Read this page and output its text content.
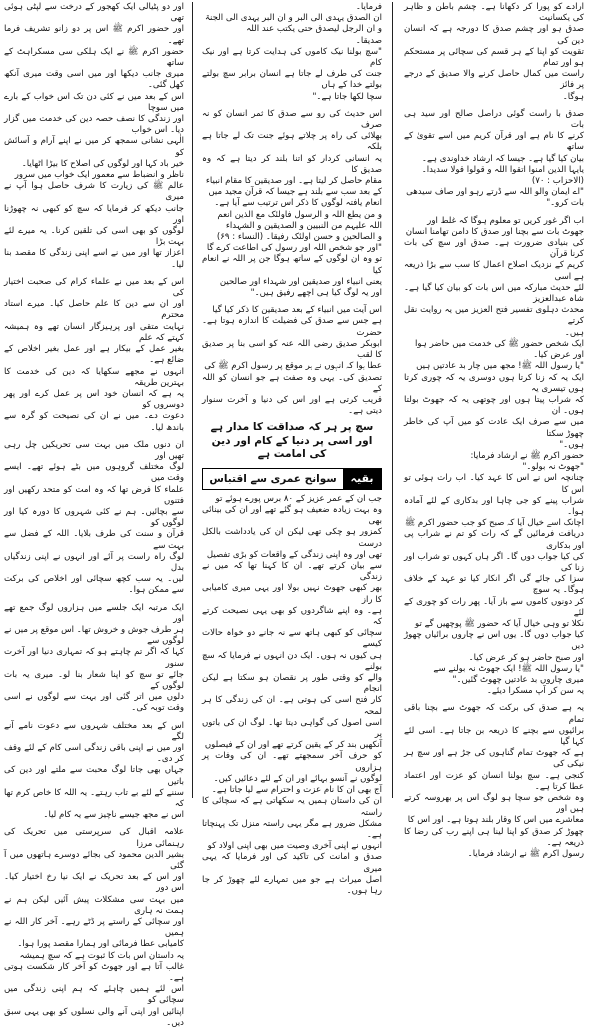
ارادے کو پورا کر دکھانا ہے۔ چشم باطن و ظاہر کی یکسانیت
صدق ہو اور چشم صدق کا دورجہ ہے کہ انسان دین کی
تقویت کو اپنا کے ہر قسم کی سچائی پر مستحکم ہو اور تمام
راست میں کمال حاصل کرنے والا صدیق کے درجے پر فائز
ہوگا۔
صدق با راست گوئی دراصل صالح اور سید ہی بات
کرنے کا نام ہے اور قرآن کریم میں اسے تقویٰ کے ساتھ
بیان کیا گیا ہے۔ جیسا کہ ارشاد خداوندی ہے۔
یایہا الذین امنوا اتقوا اللہ و قولوا قولا سدیدا۔
(الاحزاب : ۷۰)
"اے ایمان والو اللہ سے ڈرتے رہو اور صاف سیدھی
بات کرو۔"
اب اگر غور کریں تو معلوم ہوگا کہ غلط اور
جھوٹ بات سے بچنا اور صدق کا دامن تھامنا انسان
کی بنیادی ضرورت ہے۔ صدق اور سچ کی بات کرنا قرآن
کریم کے نزدیک اصلاح اعمال کا سب سے بڑا ذریعہ ہے اسی
لئے حدیث مبارکہ میں اس بات کو بیان کیا گیا ہے۔ شاہ عبدالعزیز
محدث دہلوی تفسیر فتح العزیز میں یہ روایت نقل کرتے
ہیں۔
ایک شخص حضور ﷺ کی خدمت میں حاضر ہوا
اور عرض کیا۔
"یا رسول اللہ ﷺ! مجھ میں چار بد عادتیں ہیں
ایک یہ کہ زنا کرتا ہوں دوسری یہ کہ چوری کرتا ہوں تیسری یہ
کہ شراب پیتا ہوں اور چوتھی یہ کہ جھوٹ بولتا ہوں۔ ان
میں سے صرف ایک عادت کو میں آپ کی خاطر چھوڑ سکتا
ہوں۔"
حضور اکرم ﷺ نے ارشاد فرمایا:
"جھوٹ نہ بولو۔"
چنانچہ اس نے اس کا عہد کیا۔ اب رات ہوئی تو اس کا
شراب پینے کو جی چاہا اور بدکاری کے لئے آمادہ ہوا۔
اچانک اسے خیال آیا کہ صبح کو جب حضور اکرم ﷺ
دریافت فرمائیں گے کہ رات کو تم نے شراب پی اور بدکاری
کی کیا جواب دوں گا۔ اگر ہاں کہوں تو شراب اور زنا کی
سزا کی جائے گی اگر انکار کیا تو عہد کے خلاف ہوگا۔ یہ سوچ
کر دونوں کاموں سے باز آیا۔ پھر رات کو چوری کے لئے
نکلا تو وہی خیال آیا کہ حضور ﷺ پوچھیں گے تو
کیا جواب دوں گا۔ یوں اس نے چاروں برائیاں چھوڑ دیں
اور صبح حاضر ہو کر عرض کیا۔
"یا رسول اللہ ﷺ! ایک جھوٹ نہ بولنے سے
میری چاروں بد عادتیں چھوٹ گئیں۔"
یہ سن کر آپ مسکرا دیئے۔
یہ ہے صدق کی برکت کہ جھوٹ سے بچنا باقی تمام
برائیوں سے بچنے کا ذریعہ بن جاتا ہے۔ اسی لئے کہا گیا
ہے کہ جھوٹ تمام گناہوں کی جڑ ہے اور سچ ہر نیکی کی
کنجی ہے۔ سچ بولنا انسان کو عزت اور اعتماد عطا کرتا ہے۔
وہ شخص جو سچا ہو لوگ اس پر بھروسہ کرتے ہیں اور
معاشرے میں اس کا وقار بلند ہوتا ہے۔ اور اس کا
چھوڑ کر صدق کو اپنا لینا ہی اپنے رب کی رضا کا ذریعہ ہے۔
رسول اکرم ﷺ نے ارشاد فرمایا۔
فرمایا۔
ان الصدق یہدی الی البر و ان البر یہدی الی الجنۃ
و ان الرجل لیصدق حتی یکتب عند اللہ
صدیقا۔
"سچ بولنا نیک کاموں کی ہدایت کرتا ہے اور نیک کام
جنت کی طرف لے جاتا ہے انسان برابر سچ بولتے بولتے خدا کے ہاں
سچا لکھا جاتا ہے۔"
اس حدیث کی رو سے صدق کا ثمر انسان کو نہ صرف
بھلائی کی راہ پر چلاتے ہوئے جنت تک لے جاتا ہے بلکہ
یہ انسانی کردار کو اتنا بلند کر دیتا ہے کہ وہ صدیق کا
مقام حاصل کر لیتا ہے۔ اور صدیقین کا مقام انبیاء
کے بعد سب سے بلند ہے جیسا کہ قرآن مجید میں
انعام یافتہ لوگوں کا ذکر اس ترتیب سے آیا ہے۔
و من یطع اللہ و الرسول فاولئک مع الذین انعم
اللہ علیہم من النبیین و الصدیقین و الشہداء
و الصالحین و حسن اولئک رفیقا۔ (النساء : ۶۹)
"اور جو شخص اللہ اور رسول کی اطاعت کرے گا
تو وہ ان لوگوں کے ساتھ ہوگا جن پر اللہ نے انعام کیا
یعنی انبیاء اور صدیقین اور شہداء اور صالحین
اور یہ لوگ کیا ہی اچھے رفیق ہیں۔"
اس آیت میں انبیاء کے بعد صدیقین کا ذکر کیا گیا
ہے جس سے صدق کی فضیلت کا اندازہ ہوتا ہے۔ حضرت
ابوبکر صدیق رضی اللہ عنہ کو اسی بنا پر صدیق کا لقب
عطا ہوا کہ انہوں نے ہر موقع پر رسول اکرم ﷺ کی
تصدیق کی۔ یہی وہ صفت ہے جو انسان کو اللہ کے
قریب کرتی ہے اور اس کی دنیا و آخرت سنوار دیتی ہے۔

سچ پر ہر کہ صداقت کا مدار ہے اور اسی پر دنیا کے کام اور دین کی امامت ہے

بقیہ
سوانح عمری سے اقتباس
جب ان کے عمر عزیز کے ۸۰ برس پورے ہوئے تو
وہ بہت زیادہ ضعیف ہو گئے تھے اور ان کی بینائی بھی
کمزور ہو چکی تھی لیکن ان کی یادداشت بالکل درست
تھی اور وہ اپنی زندگی کے واقعات کو بڑی تفصیل
سے بیان کرتے تھے۔ ان کا کہنا تھا کہ میں نے زندگی
بھر کبھی جھوٹ نہیں بولا اور یہی میری کامیابی کا راز
ہے۔ وہ اپنے شاگردوں کو بھی یہی نصیحت کرتے کہ
سچائی کو کبھی ہاتھ سے نہ جانے دو خواہ حالات کیسے
ہی کیوں نہ ہوں۔ ایک دن انہوں نے فرمایا کہ سچ بولنے
والے کو وقتی طور پر نقصان ہو سکتا ہے لیکن انجام
کار فتح اسی کی ہوتی ہے۔ ان کی زندگی کا ہر لمحہ
اسی اصول کی گواہی دیتا تھا۔ لوگ ان کی باتوں پر
آنکھیں بند کر کے یقین کرتے تھے اور ان کے فیصلوں
کو حرف آخر سمجھتے تھے۔ ان کی وفات پر ہزاروں
لوگوں نے آنسو بہائے اور ان کے لئے دعائیں کیں۔
آج بھی ان کا نام عزت و احترام سے لیا جاتا ہے۔
ان کی داستان ہمیں یہ سکھاتی ہے کہ سچائی کا راستہ
مشکل ضرور ہے مگر یہی راستہ منزل تک پہنچاتا ہے۔
انہوں نے اپنی آخری وصیت میں بھی اپنی اولاد کو
صدق و امانت کی تاکید کی اور فرمایا کہ یہی میری
اصل میراث ہے جو میں تمہارے لئے چھوڑ کر جا رہا ہوں۔
اور دو پٹیالی ایک کھجور کے درخت سے لپٹی ہوئی تھی
اور حضور اکرم ﷺ اس پر دو زانو تشریف فرما تھے۔
حضور اکرم ﷺ نے ایک ہلکی سی مسکراہٹ کے ساتھ
میری جانب دیکھا اور میں اسی وقت میری آنکھ کھل گئی۔
اس کے بعد میں نے کئی دن تک اس خواب کے بارے میں سوچا
اور زندگی کا نصف حصہ دین کی خدمت میں گزار دیا۔ اس خواب
الٰہی نشانی سمجھ کر میں نے اپنے آرام و آسائش کو
خیر باد کہا اور لوگوں کی اصلاح کا بیڑا اٹھایا۔
ناظر و انضباط سے معمور ایک خواب میں سرور
عالم ﷺ کی زیارت کا شرف حاصل ہوا آپ نے میری
جانب دیکھ کر فرمایا کہ سچ کو کبھی نہ چھوڑنا اور
لوگوں کو بھی اسی کی تلقین کرنا۔ یہ میرے لئے بہت بڑا
اعزاز تھا اور میں نے اسے اپنی زندگی کا مقصد بنا لیا۔
اس کے بعد میں نے علماء کرام کی صحبت اختیار کی
اور ان سے دین کا علم حاصل کیا۔ میرے استاد محترم
نہایت متقی اور پرہیزگار انسان تھے وہ ہمیشہ کہتے کہ علم
بغیر عمل کے بیکار ہے اور عمل بغیر اخلاص کے ضائع ہے۔
انہوں نے مجھے سکھایا کہ دین کی خدمت کا بہترین طریقہ
یہ ہے کہ انسان خود اس پر عمل کرے اور پھر دوسروں کو
دعوت دے۔ میں نے ان کی نصیحت کو گرہ سے باندھ لیا۔
ان دنوں ملک میں بہت سی تحریکیں چل رہی تھیں اور
لوگ مختلف گروہوں میں بٹے ہوئے تھے۔ ایسے وقت میں
علماء کا فرض تھا کہ وہ امت کو متحد رکھیں اور فتنوں
سے بچائیں۔ ہم نے کئی شہروں کا دورہ کیا اور لوگوں کو
قرآن و سنت کی طرف بلایا۔ اللہ کے فضل سے بہت سے
لوگ راہ راست پر آئے اور انہوں نے اپنی زندگیاں بدل
لیں۔ یہ سب کچھ سچائی اور اخلاص کی برکت سے ممکن ہوا۔
ایک مرتبہ ایک جلسے میں ہزاروں لوگ جمع تھے اور
ہر طرف جوش و خروش تھا۔ اس موقع پر میں نے لوگوں سے
کہا کہ اگر تم چاہتے ہو کہ تمہاری دنیا اور آخرت سنور
جائے تو سچ کو اپنا شعار بنا لو۔ میری یہ بات لوگوں کے
دلوں میں اتر گئی اور بہت سے لوگوں نے اسی وقت توبہ کی۔
اس کے بعد مختلف شہروں سے دعوت نامے آنے لگے
اور میں نے اپنی باقی زندگی اسی کام کے لئے وقف کر دی۔
جہاں بھی جاتا لوگ محبت سے ملتے اور دین کی باتیں
سننے کے لئے بے تاب رہتے۔ یہ اللہ کا خاص کرم تھا کہ
اس نے مجھ جیسے ناچیز سے یہ کام لیا۔
علامہ اقبال کی سرپرستی میں تحریک کی رہنمائی مرزا
بشیر الدین محمود کی بجائے دوسرے ہاتھوں میں آ گئی
اور اس کے بعد تحریک نے ایک نیا رخ اختیار کیا۔ اس دور
میں بہت سی مشکلات پیش آئیں لیکن ہم نے ہمت نہ ہاری
اور سچائی کے راستے پر ڈٹے رہے۔ آخر کار اللہ نے ہمیں
کامیابی عطا فرمائی اور ہمارا مقصد پورا ہوا۔
یہ داستان اس بات کا ثبوت ہے کہ سچ ہمیشہ
غالب آتا ہے اور جھوٹ کو آخر کار شکست ہوتی ہے۔
اس لئے ہمیں چاہئے کہ ہم اپنی زندگی میں سچائی کو
اپنائیں اور اپنی آنے والی نسلوں کو بھی یہی سبق دیں۔
